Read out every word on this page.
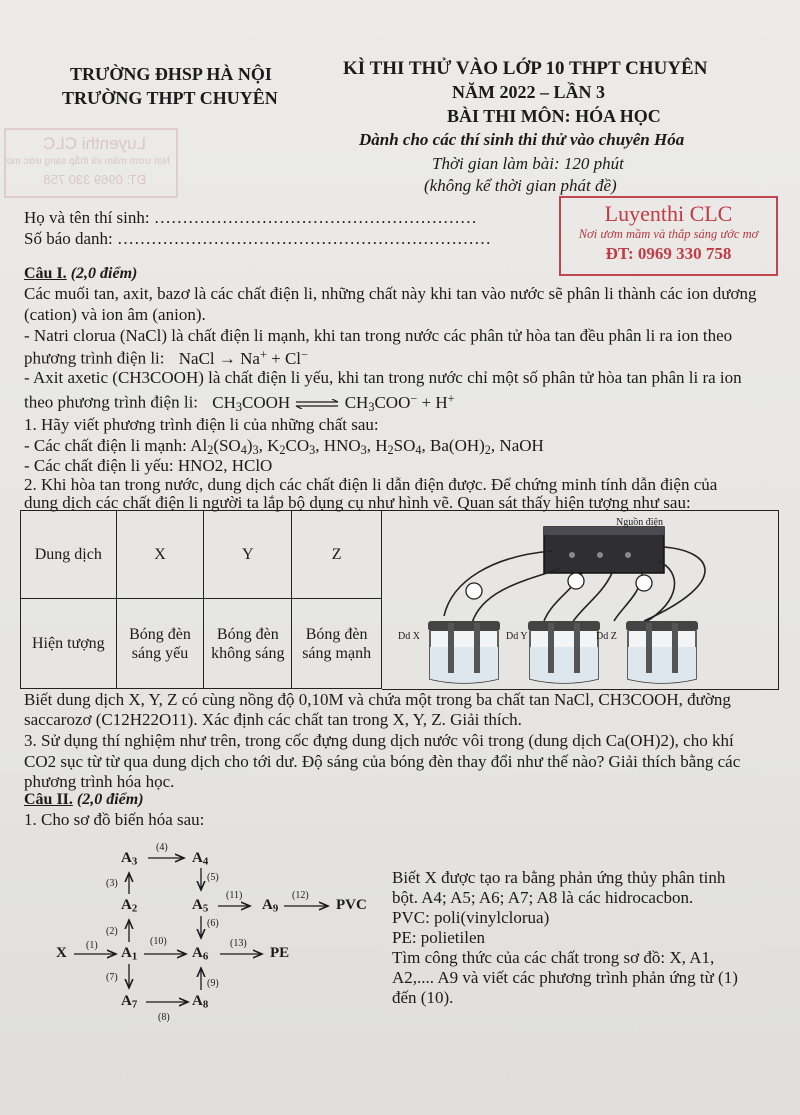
Luyenthi CLC
Nơi ươm mầm và thắp sáng ước mơ
ĐT: 0969 330 758
TRƯỜNG ĐHSP HÀ NỘI
TRƯỜNG THPT CHUYÊN
KÌ THI THỬ VÀO LỚP 10 THPT CHUYÊN
NĂM 2022 – LẦN 3
BÀI THI MÔN: HÓA HỌC
Dành cho các thí sinh thi thử vào chuyên Hóa
Thời gian làm bài: 120 phút
(không kể thời gian phát đề)
Họ và tên thí sinh: …………………………………………………
Số báo danh: …………………………………………………………
Luyenthi CLC
Nơi ươm mầm và thắp sáng ước mơ
ĐT: 0969 330 758
Câu I. (2,0 điểm)
Các muối tan, axit, bazơ là các chất điện li, những chất này khi tan vào nước sẽ phân li thành các ion dương
(cation) và ion âm (anion).
- Natri clorua (NaCl) là chất điện li mạnh, khi tan trong nước các phân tử hòa tan đều phân li ra ion theo
phương trình điện li: NaCl → Na+ + Cl−
- Axit axetic (CH3COOH) là chất điện li yếu, khi tan trong nước chỉ một số phân tử hòa tan phân li ra ion
theo phương trình điện li: $CH_3COOH$ ⇌ $CH_3COO^- + H^+$
1. Hãy viết phương trình điện li của những chất sau:
- Các chất điện li mạnh: $Al_2(SO_4)_3$, $K_2CO_3$, $HNO_3$, $H_2SO_4$, $Ba(OH)_2$, NaOH
- Các chất điện li yếu: HNO2, HClO
2. Khi hòa tan trong nước, dung dịch các chất điện li dẫn điện được. Để chứng minh tính dẫn điện của
dung dịch các chất điện li người ta lắp bộ dụng cụ như hình vẽ. Quan sát thấy hiện tượng như sau:
Dung dịch	X	Y	Z
Hiện tượng	Bóng đèn sáng yếu	Bóng đèn không sáng	Bóng đèn sáng mạnh
Nguồn điện
Dd X	Dd Y	Dd Z
Biết dung dịch X, Y, Z có cùng nồng độ 0,10M và chứa một trong ba chất tan NaCl, CH3COOH, đường
saccarozơ (C12H22O11). Xác định các chất tan trong X, Y, Z. Giải thích.
3. Sử dụng thí nghiệm như trên, trong cốc đựng dung dịch nước vôi trong (dung dịch Ca(OH)2), cho khí
CO2 sục từ từ qua dung dịch cho tới dư. Độ sáng của bóng đèn thay đổi như thế nào? Giải thích bằng các
phương trình hóa học.
Câu II. (2,0 điểm)
1. Cho sơ đồ biến hóa sau:
$A_3$	$A_4$
$A_2$	$A_5$	$A_9$	PVC
X	$A_1$	$A_6$	PE
$A_7$	$A_8$
(4)
(3)
(5)
(11)	(12)
(2)
(6)
(1)	(10)	(13)
(7)
(9)
(8)
Biết X được tạo ra bằng phản ứng thủy phân tinh
bột. A4; A5; A6; A7; A8 là các hidrocacbon.
PVC: poli(vinylclorua)
PE: polietilen
Tìm công thức của các chất trong sơ đồ: X, A1,
A2,.... A9 và viết các phương trình phản ứng từ (1)
đến (10).
